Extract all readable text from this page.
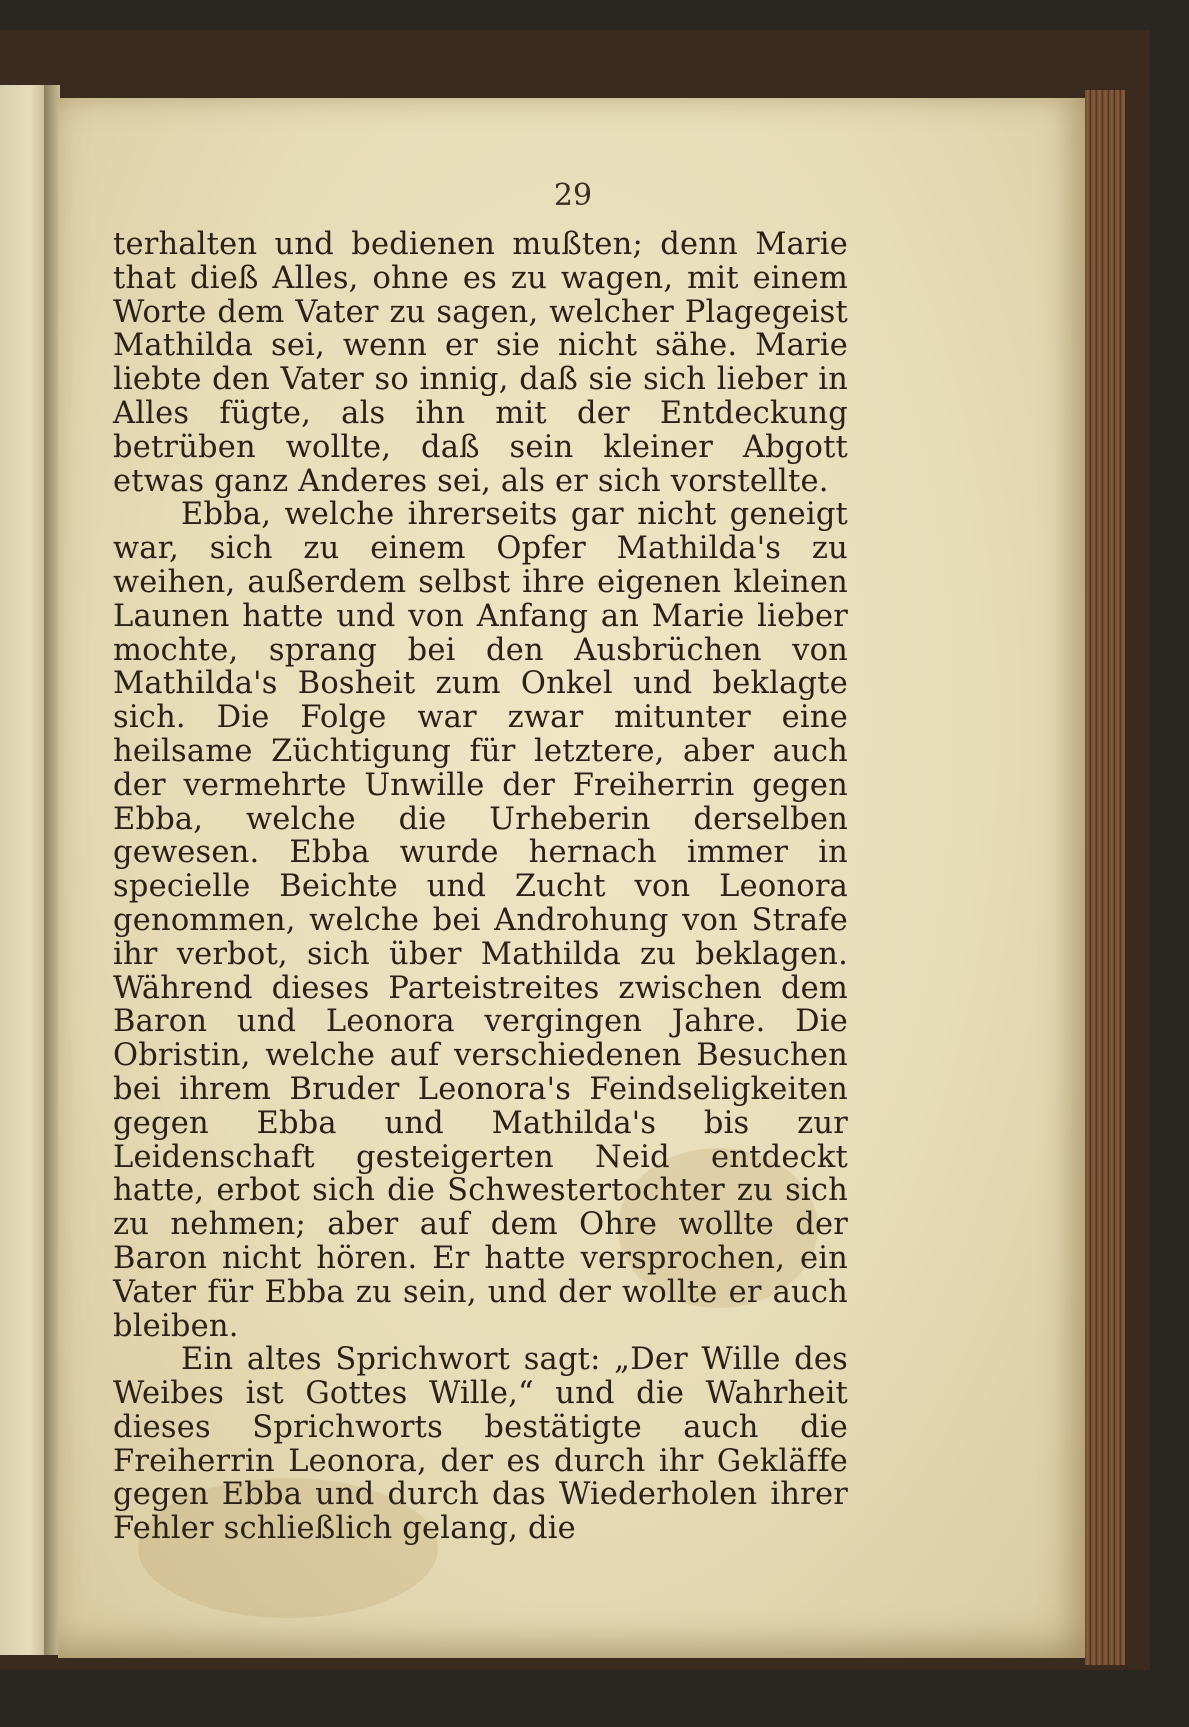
29

terhalten und bedienen mußten; denn Marie that dieß Alles, ohne es zu wagen, mit einem Worte dem Vater zu sagen, welcher Plagegeist Mathilda sei, wenn er sie nicht sähe. Marie liebte den Vater so innig, daß sie sich lieber in Alles fügte, als ihn mit der Entdeckung betrüben wollte, daß sein kleiner Abgott etwas ganz Anderes sei, als er sich vorstellte.

Ebba, welche ihrerseits gar nicht geneigt war, sich zu einem Opfer Mathilda's zu weihen, außerdem selbst ihre eigenen kleinen Launen hatte und von Anfang an Marie lieber mochte, sprang bei den Ausbrüchen von Mathilda's Bosheit zum Onkel und beklagte sich. Die Folge war zwar mitunter eine heilsame Züchtigung für letztere, aber auch der vermehrte Unwille der Freiherrin gegen Ebba, welche die Urheberin derselben gewesen. Ebba wurde hernach immer in specielle Beichte und Zucht von Leonora genommen, welche bei Androhung von Strafe ihr verbot, sich über Mathilda zu beklagen. Während dieses Parteistreites zwischen dem Baron und Leonora vergingen Jahre. Die Obristin, welche auf verschiedenen Besuchen bei ihrem Bruder Leonora's Feindseligkeiten gegen Ebba und Mathilda's bis zur Leidenschaft gesteigerten Neid entdeckt hatte, erbot sich die Schwestertochter zu sich zu nehmen; aber auf dem Ohre wollte der Baron nicht hören. Er hatte versprochen, ein Vater für Ebba zu sein, und der wollte er auch bleiben.

Ein altes Sprichwort sagt: „Der Wille des Weibes ist Gottes Wille,“ und die Wahrheit dieses Sprichworts bestätigte auch die Freiherrin Leonora, der es durch ihr Gekläffe gegen Ebba und durch das Wiederholen ihrer Fehler schließlich gelang, die
